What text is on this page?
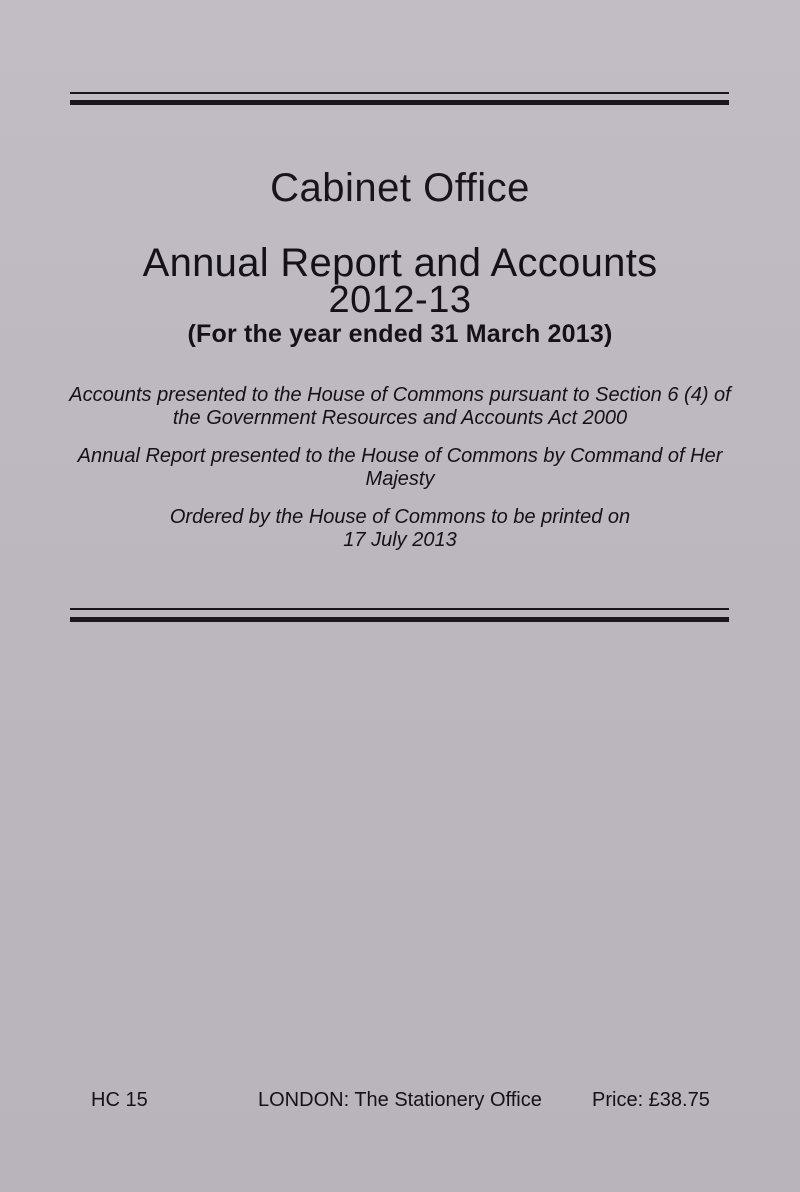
Cabinet Office
Annual Report and Accounts
2012-13

(For the year ended 31 March 2013)

Accounts presented to the House of Commons pursuant to Section 6 (4) of
the Government Resources and Accounts Act 2000
Annual Report presented to the House of Commons by Command of Her
Majesty
Ordered by the House of Commons to be printed on
17 July 2013
HC 15	LONDON: The Stationery Office	Price: £38.75
